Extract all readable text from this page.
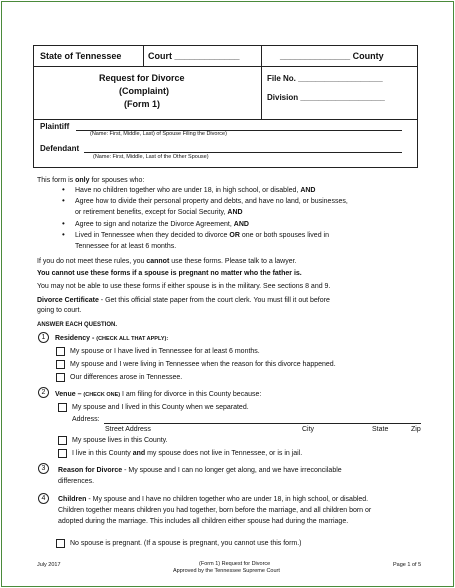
State of Tennessee	Court _____________	______________ County
Request for Divorce
(Complaint)
(Form 1)
File No. ___________________
Division ___________________
Plaintiff
(Name: First, Middle, Last) of Spouse Filing the Divorce)
Defendant
(Name: First, Middle, Last of the Other Spouse)
This form is only for spouses who:
• Have no children together who are under 18, in high school, or disabled, AND
• Agree how to divide their personal property and debts, and have no land, or businesses,
or retirement benefits, except for Social Security, AND
• Agree to sign and notarize the Divorce Agreement, AND
• Lived in Tennessee when they decided to divorce OR one or both spouses lived in
Tennessee for at least 6 months.
If you do not meet these rules, you cannot use these forms. Please talk to a lawyer.
You cannot use these forms if a spouse is pregnant no matter who the father is.
You may not be able to use these forms if either spouse is in the military. See sections 8 and 9.
Divorce Certificate - Get this official state paper from the court clerk. You must fill it out before
going to court.
ANSWER EACH QUESTION.
1	Residency - (CHECK ALL THAT APPLY):
My spouse or I have lived in Tennessee for at least 6 months.
My spouse and I were living in Tennessee when the reason for this divorce happened.
Our differences arose in Tennessee.
2	Venue – (CHECK ONE) I am filing for divorce in this County because:
My spouse and I lived in this County when we separated.
Address:
Street Address	City	State	Zip
My spouse lives in this County.
I live in this County and my spouse does not live in Tennessee, or is in jail.
3	Reason for Divorce - My spouse and I can no longer get along, and we have irreconcilable
differences.
4	Children - My spouse and I have no children together who are under 18, in high school, or disabled.
Children together means children you had together, born before the marriage, and all children born or
adopted during the marriage. This includes all children either spouse had during the marriage.
No spouse is pregnant. (If a spouse is pregnant, you cannot use this form.)
July 2017	(Form 1) Request for Divorce
Approved by the Tennessee Supreme Court
Page 1 of 5
